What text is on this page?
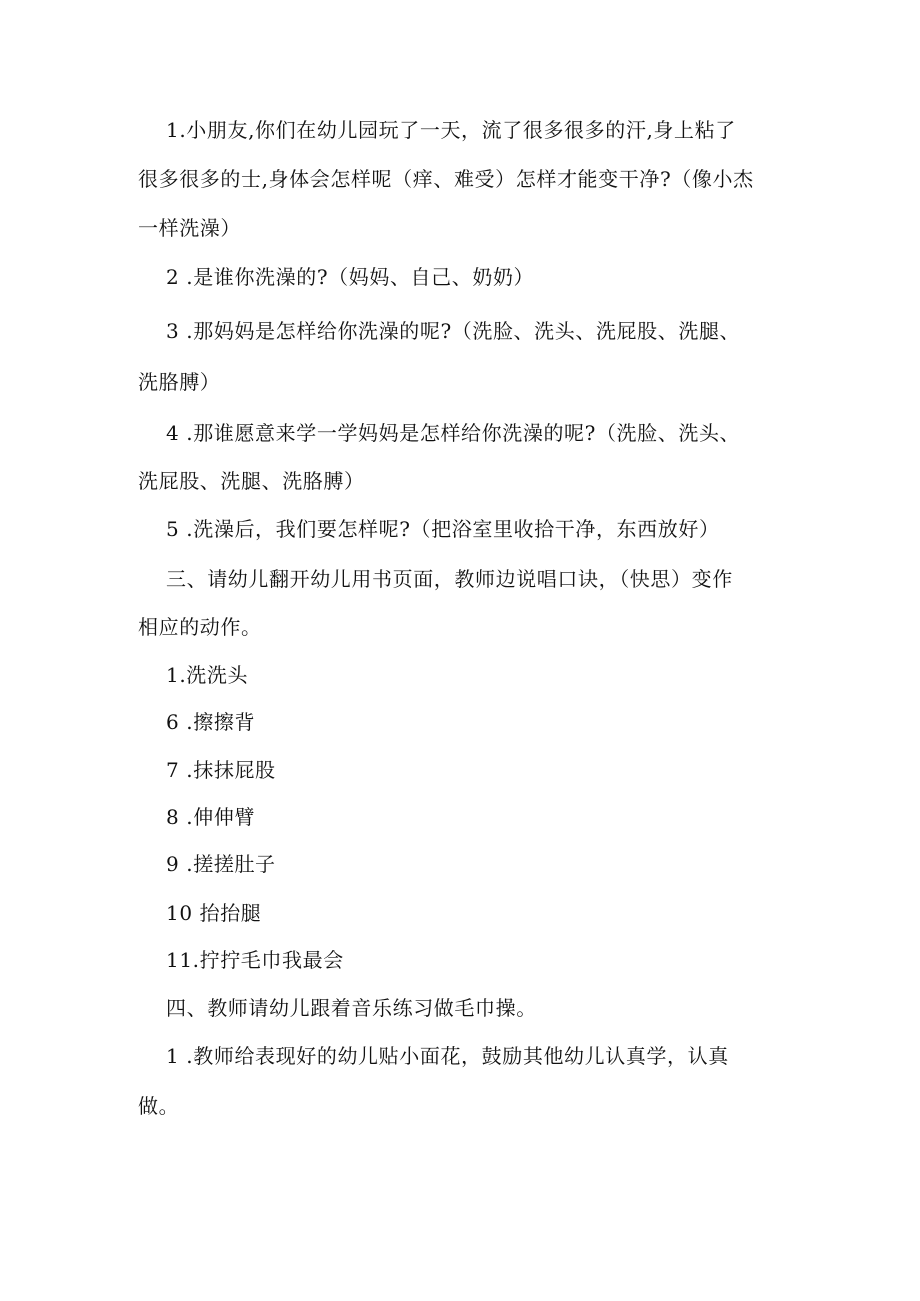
1.小朋友,你们在幼儿园玩了一天，流了很多很多的汗,身上粘了
很多很多的士,身体会怎样呢（痒、难受）怎样才能变干净?（像小杰
一样洗澡）
2 .是谁你洗澡的?（妈妈、自己、奶奶）
3 .那妈妈是怎样给你洗澡的呢?（洗脸、洗头、洗屁股、洗腿、
洗胳膊）
4 .那谁愿意来学一学妈妈是怎样给你洗澡的呢?（洗脸、洗头、
洗屁股、洗腿、洗胳膊）
5 .洗澡后，我们要怎样呢?（把浴室里收拾干净，东西放好）
三、请幼儿翻开幼儿用书页面，教师边说唱口诀，（快思）变作
相应的动作。
1.洗洗头
6 .擦擦背
7 .抹抹屁股
8 .伸伸臂
9 .搓搓肚子
10 抬抬腿
11.拧拧毛巾我最会
四、教师请幼儿跟着音乐练习做毛巾操。
1 .教师给表现好的幼儿贴小面花，鼓励其他幼儿认真学，认真
做。
